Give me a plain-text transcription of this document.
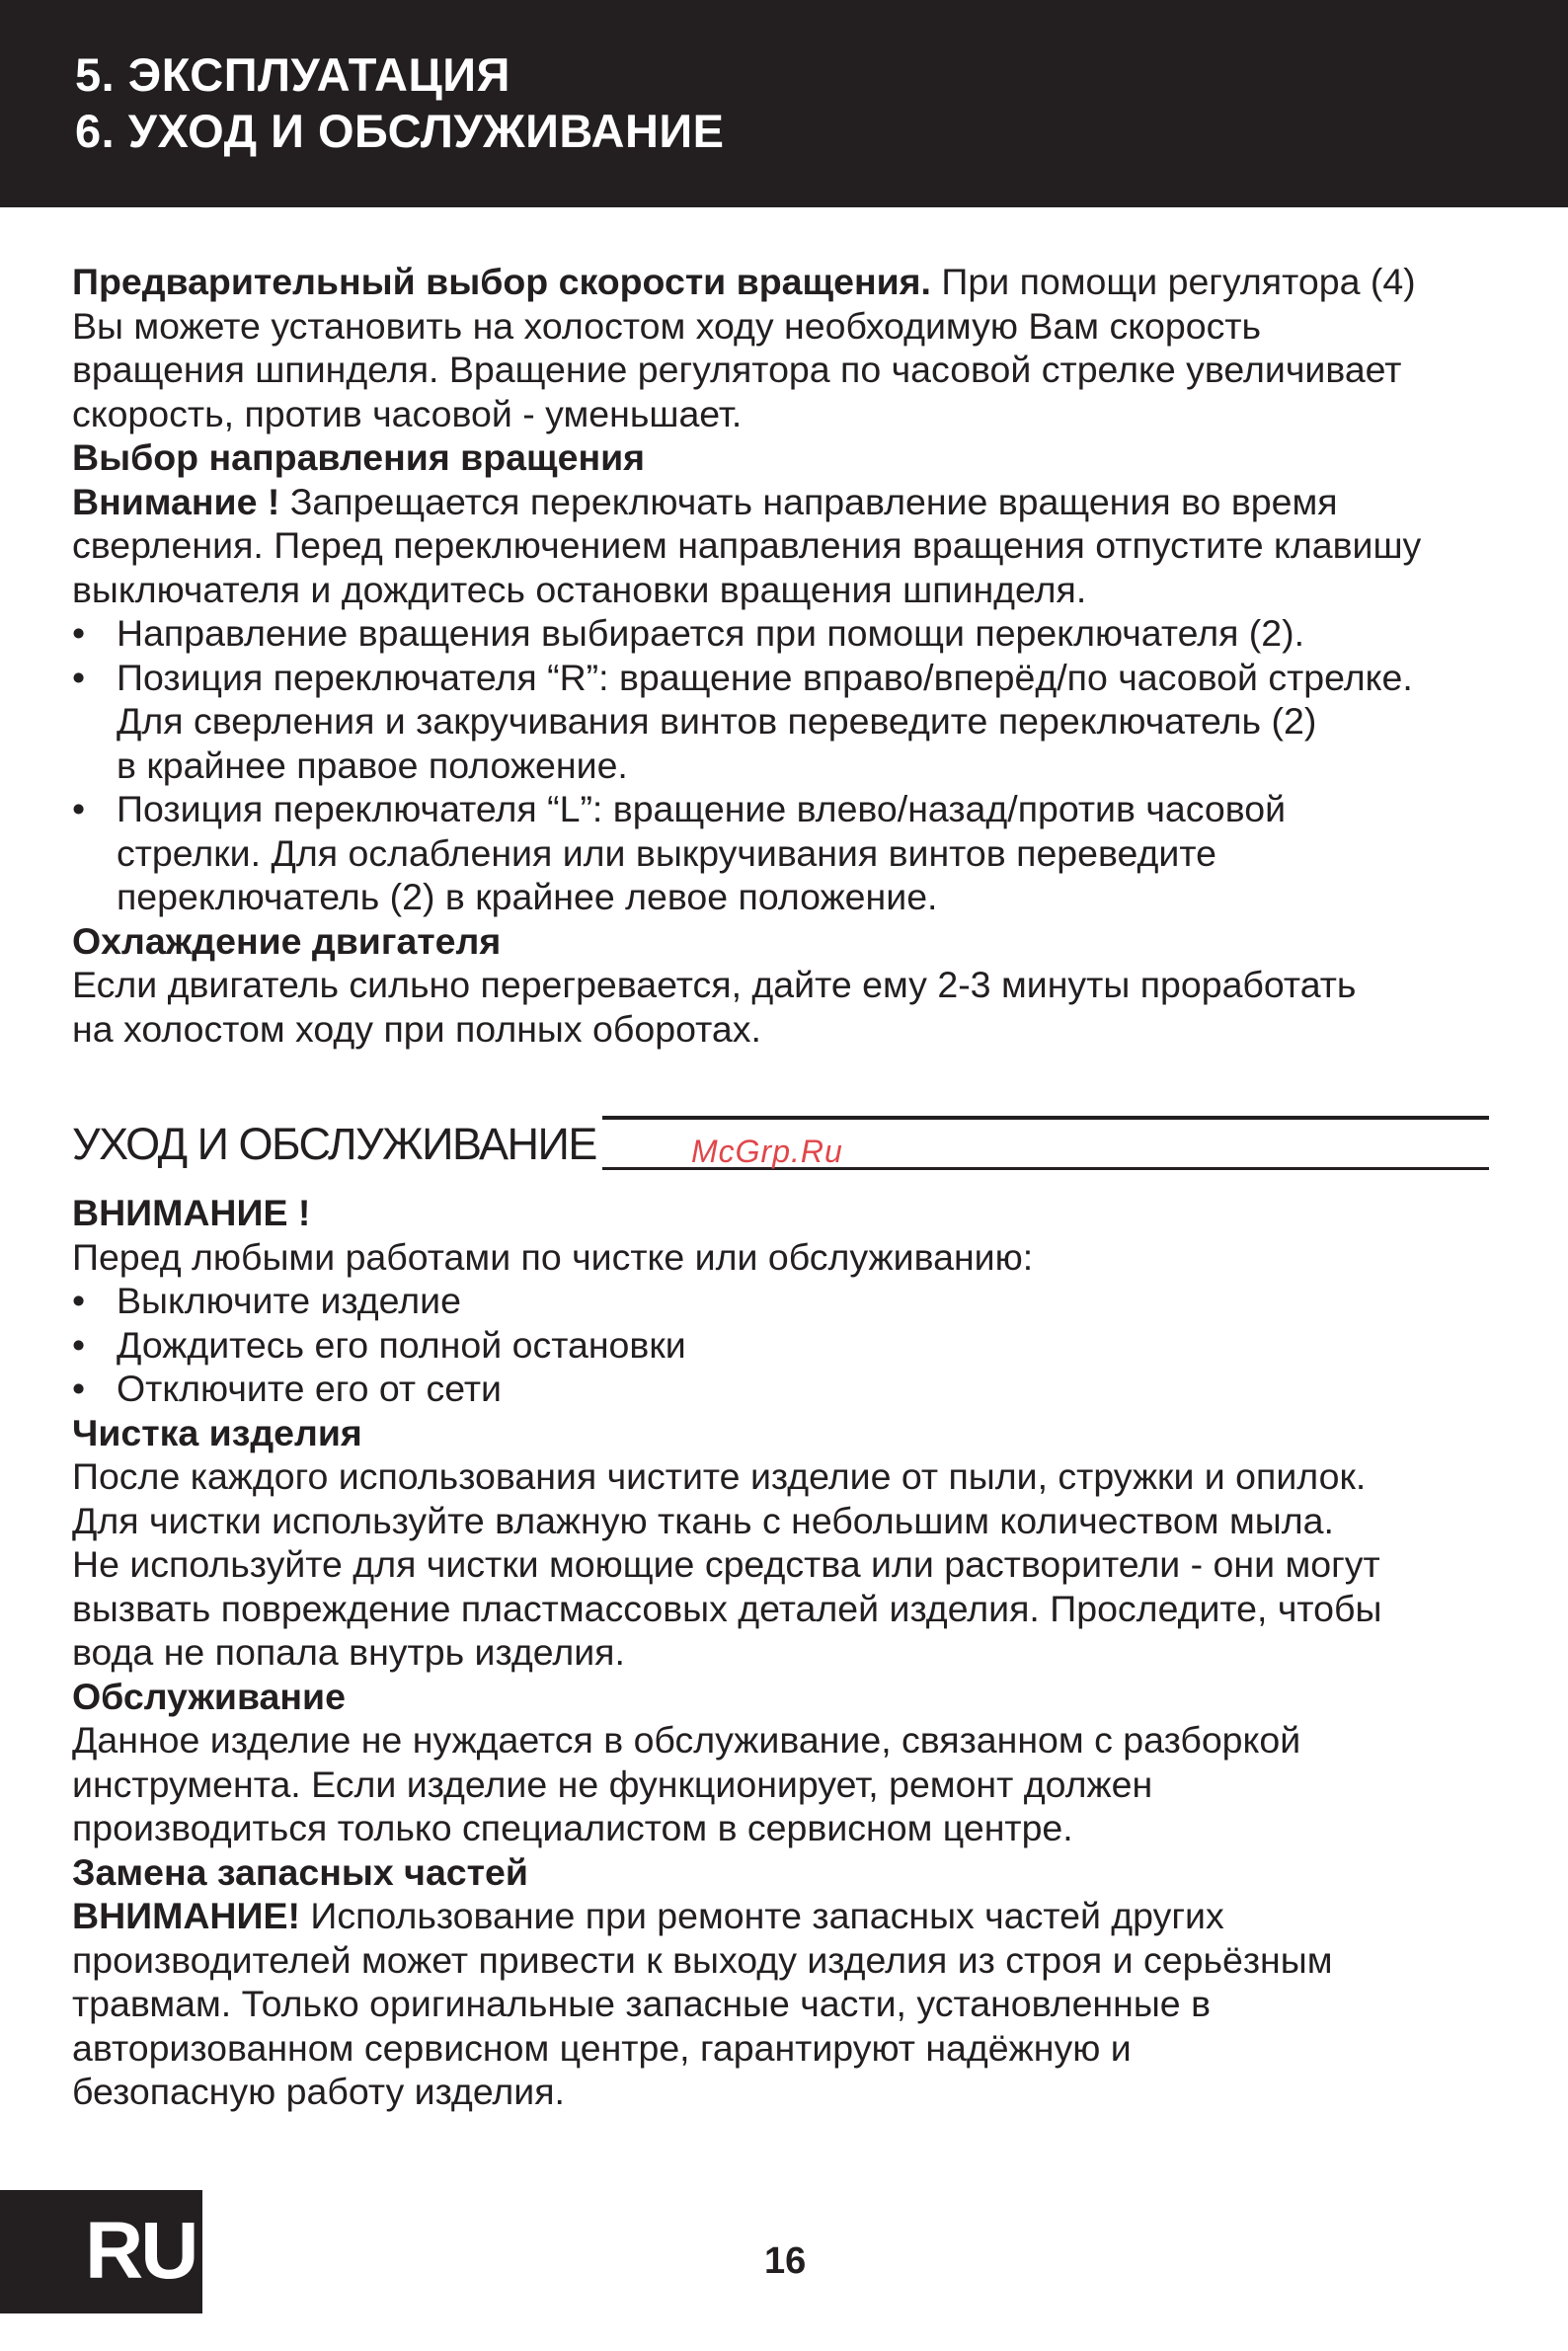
5. ЭКСПЛУАТАЦИЯ
6. УХОД И ОБСЛУЖИВАНИЕ

Предварительный выбор скорости вращения. При помощи регулятора (4)

Вы можете установить на холостом ходу необходимую Вам скорость

вращения шпинделя. Вращение регулятора по часовой стрелке увеличивает

скорость, против часовой - уменьшает.

Выбор направления вращения

Внимание ! Запрещается переключать направление вращения во время

сверления. Перед переключением направления вращения отпустите клавишу

выключателя и дождитесь остановки вращения шпинделя.

• Направление вращения выбирается при помощи переключателя (2).

• Позиция переключателя “R”: вращение вправо/вперёд/по часовой стрелке.

Для сверления и закручивания винтов переведите переключатель (2)

в крайнее правое положение.

• Позиция переключателя “L”: вращение влево/назад/против часовой

стрелки. Для ослабления или выкручивания винтов переведите

переключатель (2) в крайнее левое положение.

Охлаждение двигателя

Если двигатель сильно перегревается, дайте ему 2-3 минуты проработать

на холостом ходу при полных оборотах.

УХОД И ОБСЛУЖИВАНИЕ	McGrp.Ru

ВНИМАНИЕ !

Перед любыми работами по чистке или обслуживанию:

• Выключите изделие

• Дождитесь его полной остановки

• Отключите его от сети

Чистка изделия

После каждого использования чистите изделие от пыли, стружки и опилок.

Для чистки используйте влажную ткань с небольшим количеством мыла.

Не используйте для чистки моющие средства или растворители - они могут

вызвать повреждение пластмассовых деталей изделия. Проследите, чтобы

вода не попала внутрь изделия.

Обслуживание

Данное изделие не нуждается в обслуживание, связанном с разборкой

инструмента. Если изделие не функционирует, ремонт должен

производиться только специалистом в сервисном центре.

Замена запасных частей

ВНИМАНИЕ! Использование при ремонте запасных частей других

производителей может привести к выходу изделия из строя и серьёзным

травмам. Только оригинальные запасные части, установленные в

авторизованном сервисном центре, гарантируют надёжную и

безопасную работу изделия.

RU	16
